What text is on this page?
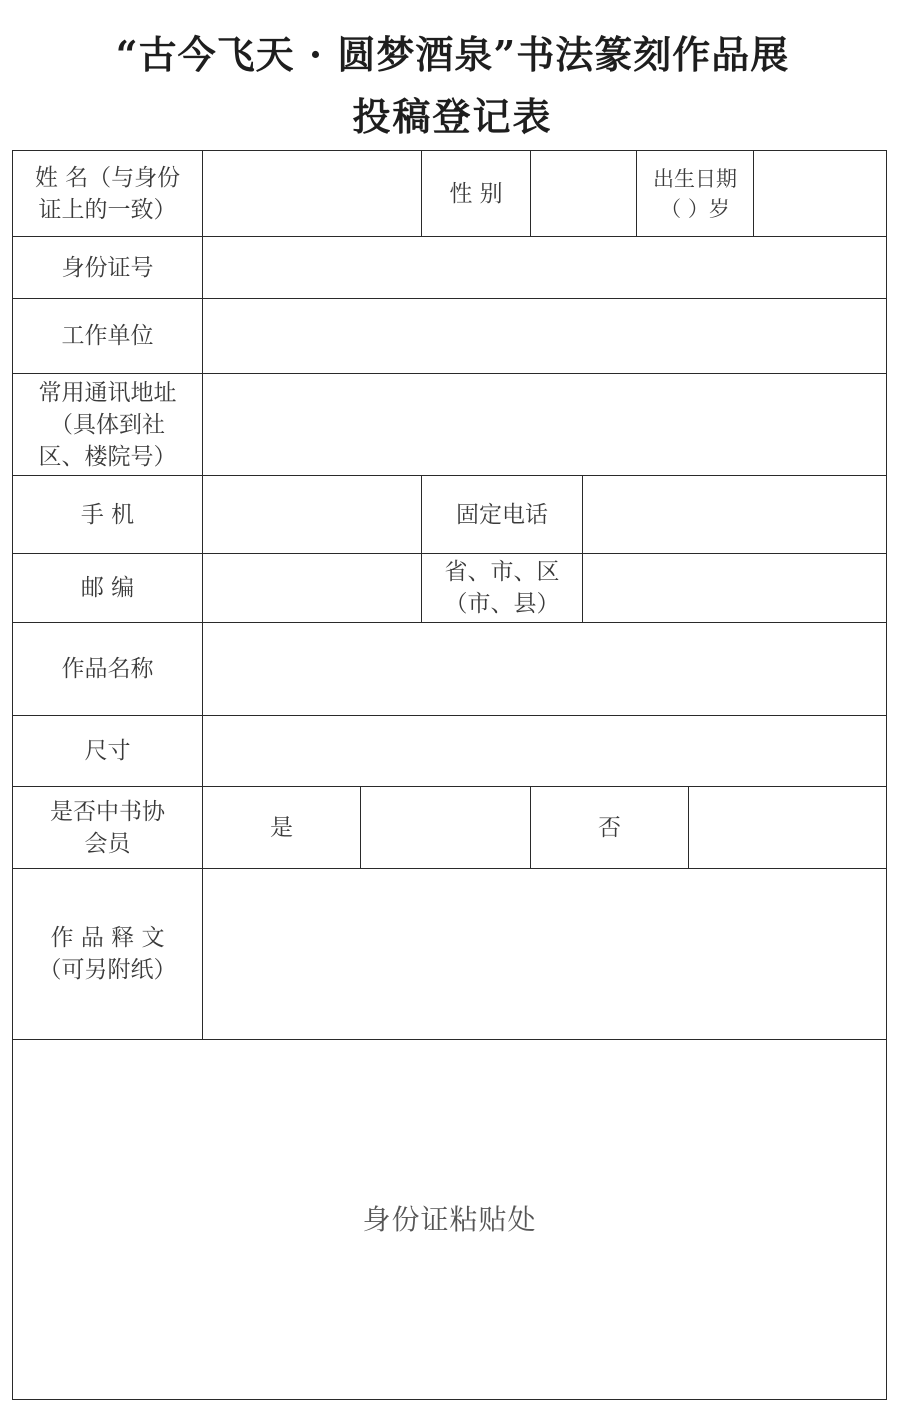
“古今飞天 · 圆梦酒泉”书法篆刻作品展
投稿登记表
姓 名（与身份
证上的一致）
性 别
出生日期
（ ）岁
身份证号
工作单位
常用通讯地址
（具体到社
区、楼院号）
手 机	固定电话
邮 编
省、市、区
（市、县）
作品名称
尺寸
是否中书协
会员
是	否
作 品 释 文
（可另附纸）
身份证粘贴处
